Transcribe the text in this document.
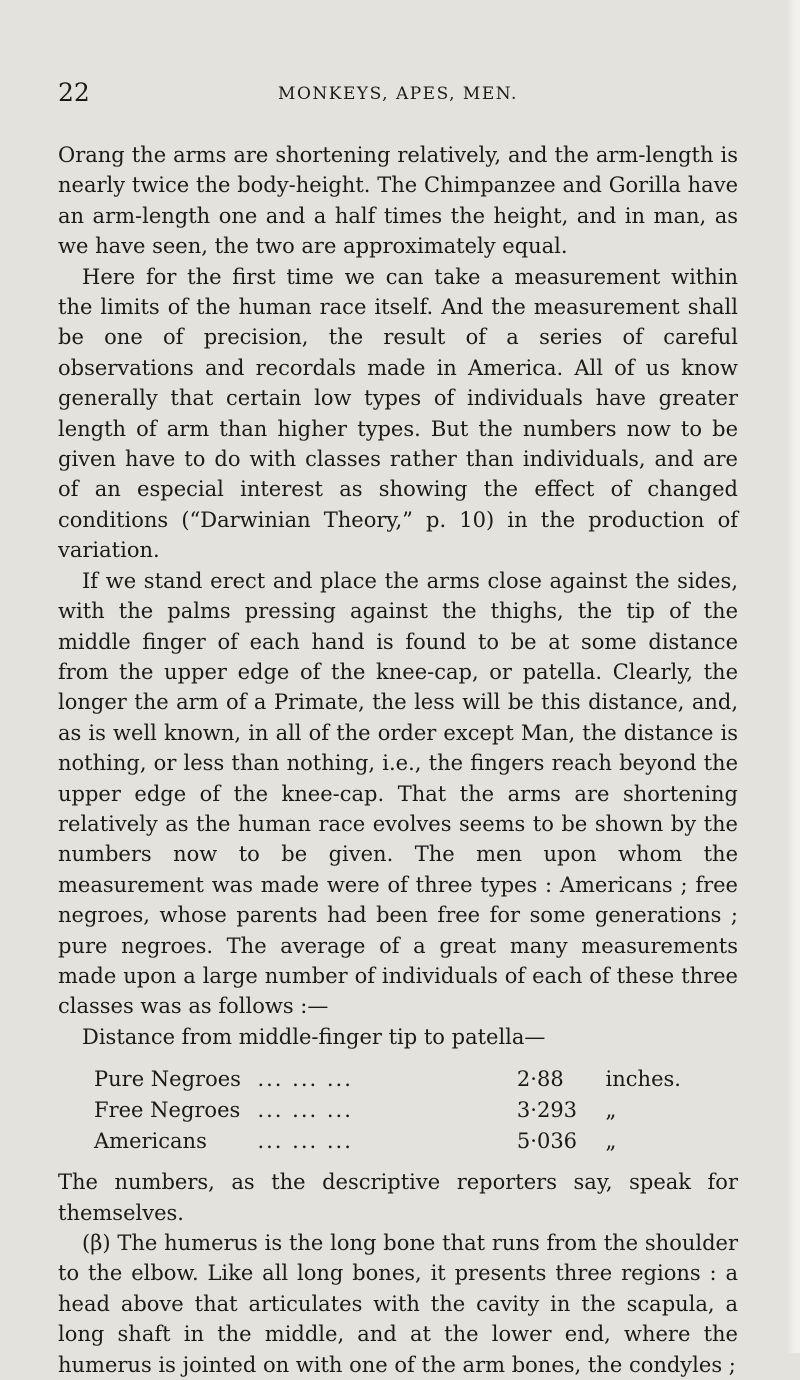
22	MONKEYS, APES, MEN.

Orang the arms are shortening relatively, and the arm-length is nearly twice the body-height. The Chimpanzee and Gorilla have an arm-length one and a half times the height, and in man, as we have seen, the two are approximately equal.

Here for the first time we can take a measurement within the limits of the human race itself. And the measurement shall be one of precision, the result of a series of careful observations and recordals made in America. All of us know generally that certain low types of individuals have greater length of arm than higher types. But the numbers now to be given have to do with classes rather than individuals, and are of an especial interest as showing the effect of changed conditions (“Darwinian Theory,” p. 10) in the production of variation.

If we stand erect and place the arms close against the sides, with the palms pressing against the thighs, the tip of the middle finger of each hand is found to be at some distance from the upper edge of the knee-cap, or patella. Clearly, the longer the arm of a Primate, the less will be this distance, and, as is well known, in all of the order except Man, the distance is nothing, or less than nothing, i.e., the fingers reach beyond the upper edge of the knee-cap. That the arms are shortening relatively as the human race evolves seems to be shown by the numbers now to be given. The men upon whom the measurement was made were of three types : Americans ; free negroes, whose parents had been free for some generations ; pure negroes. The average of a great many measurements made upon a large number of individuals of each of these three classes was as follows :—

Distance from middle-finger tip to patella—

Pure Negroes ... ... ...	2·88	inches.
Free Negroes ... ... ...	3·293	„
Americans	... ... ...	5·036	„

The numbers, as the descriptive reporters say, speak for themselves.

(β) The humerus is the long bone that runs from the shoulder to the elbow. Like all long bones, it presents three regions : a head above that articulates with the cavity in the scapula, a long shaft in the middle, and at the lower end, where the humerus is jointed on with one of the arm bones, the condyles ;
